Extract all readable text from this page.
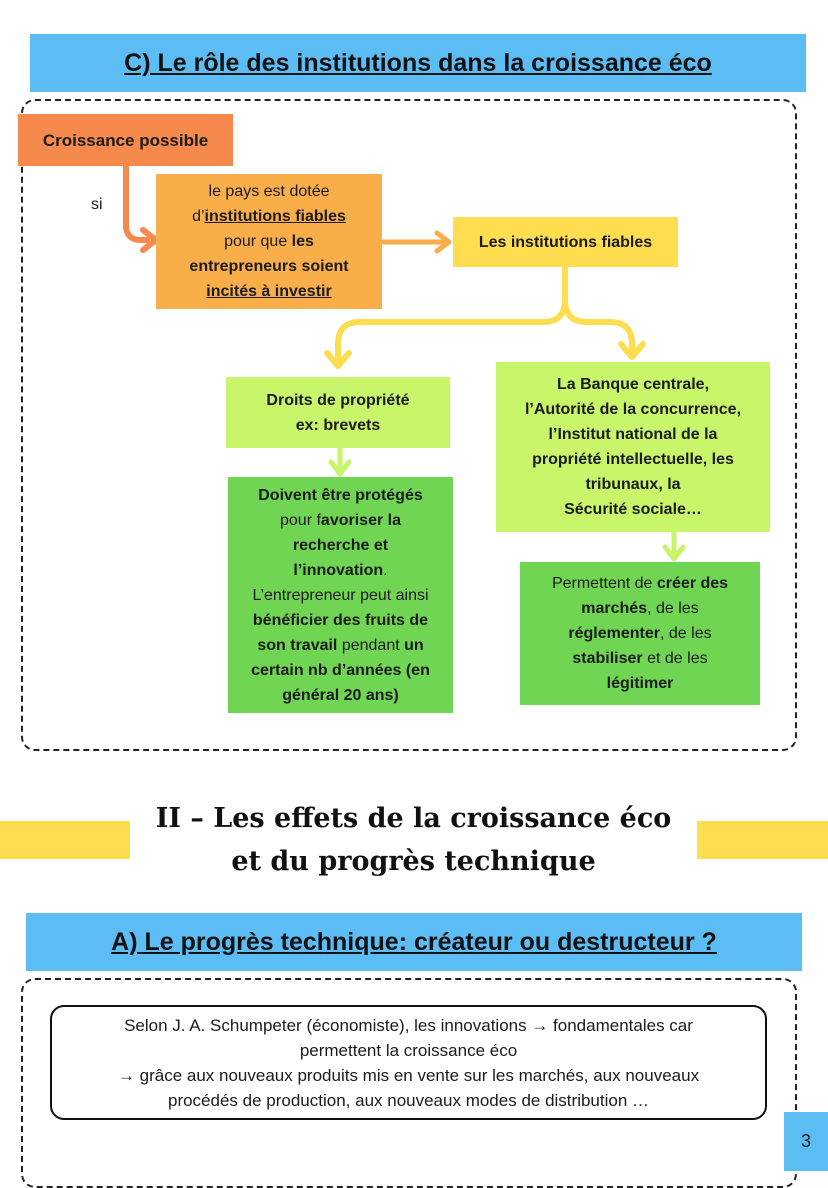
C) Le rôle des institutions dans la croissance éco
Croissance possible
si
le pays est dotée
d’institutions fiables
pour que les
entrepreneurs soient
incités à investir
Les institutions fiables
Droits de propriété
ex: brevets
La Banque centrale,
l’Autorité de la concurrence,
l’Institut national de la
propriété intellectuelle, les
tribunaux, la
Sécurité sociale…
Doivent être protégés
pour favoriser la
recherche et
l’innovation.
L’entrepreneur peut ainsi
bénéficier des fruits de
son travail pendant un
certain nb d’années (en
général 20 ans)
Permettent de créer des
marchés, de les
réglementer, de les
stabiliser et de les
légitimer
II – Les effets de la croissance éco
et du progrès technique
A) Le progrès technique: créateur ou destructeur ?
Selon J. A. Schumpeter (économiste), les innovations → fondamentales car
permettent la croissance éco
→ grâce aux nouveaux produits mis en vente sur les marchés, aux nouveaux
procédés de production, aux nouveaux modes de distribution …
3
